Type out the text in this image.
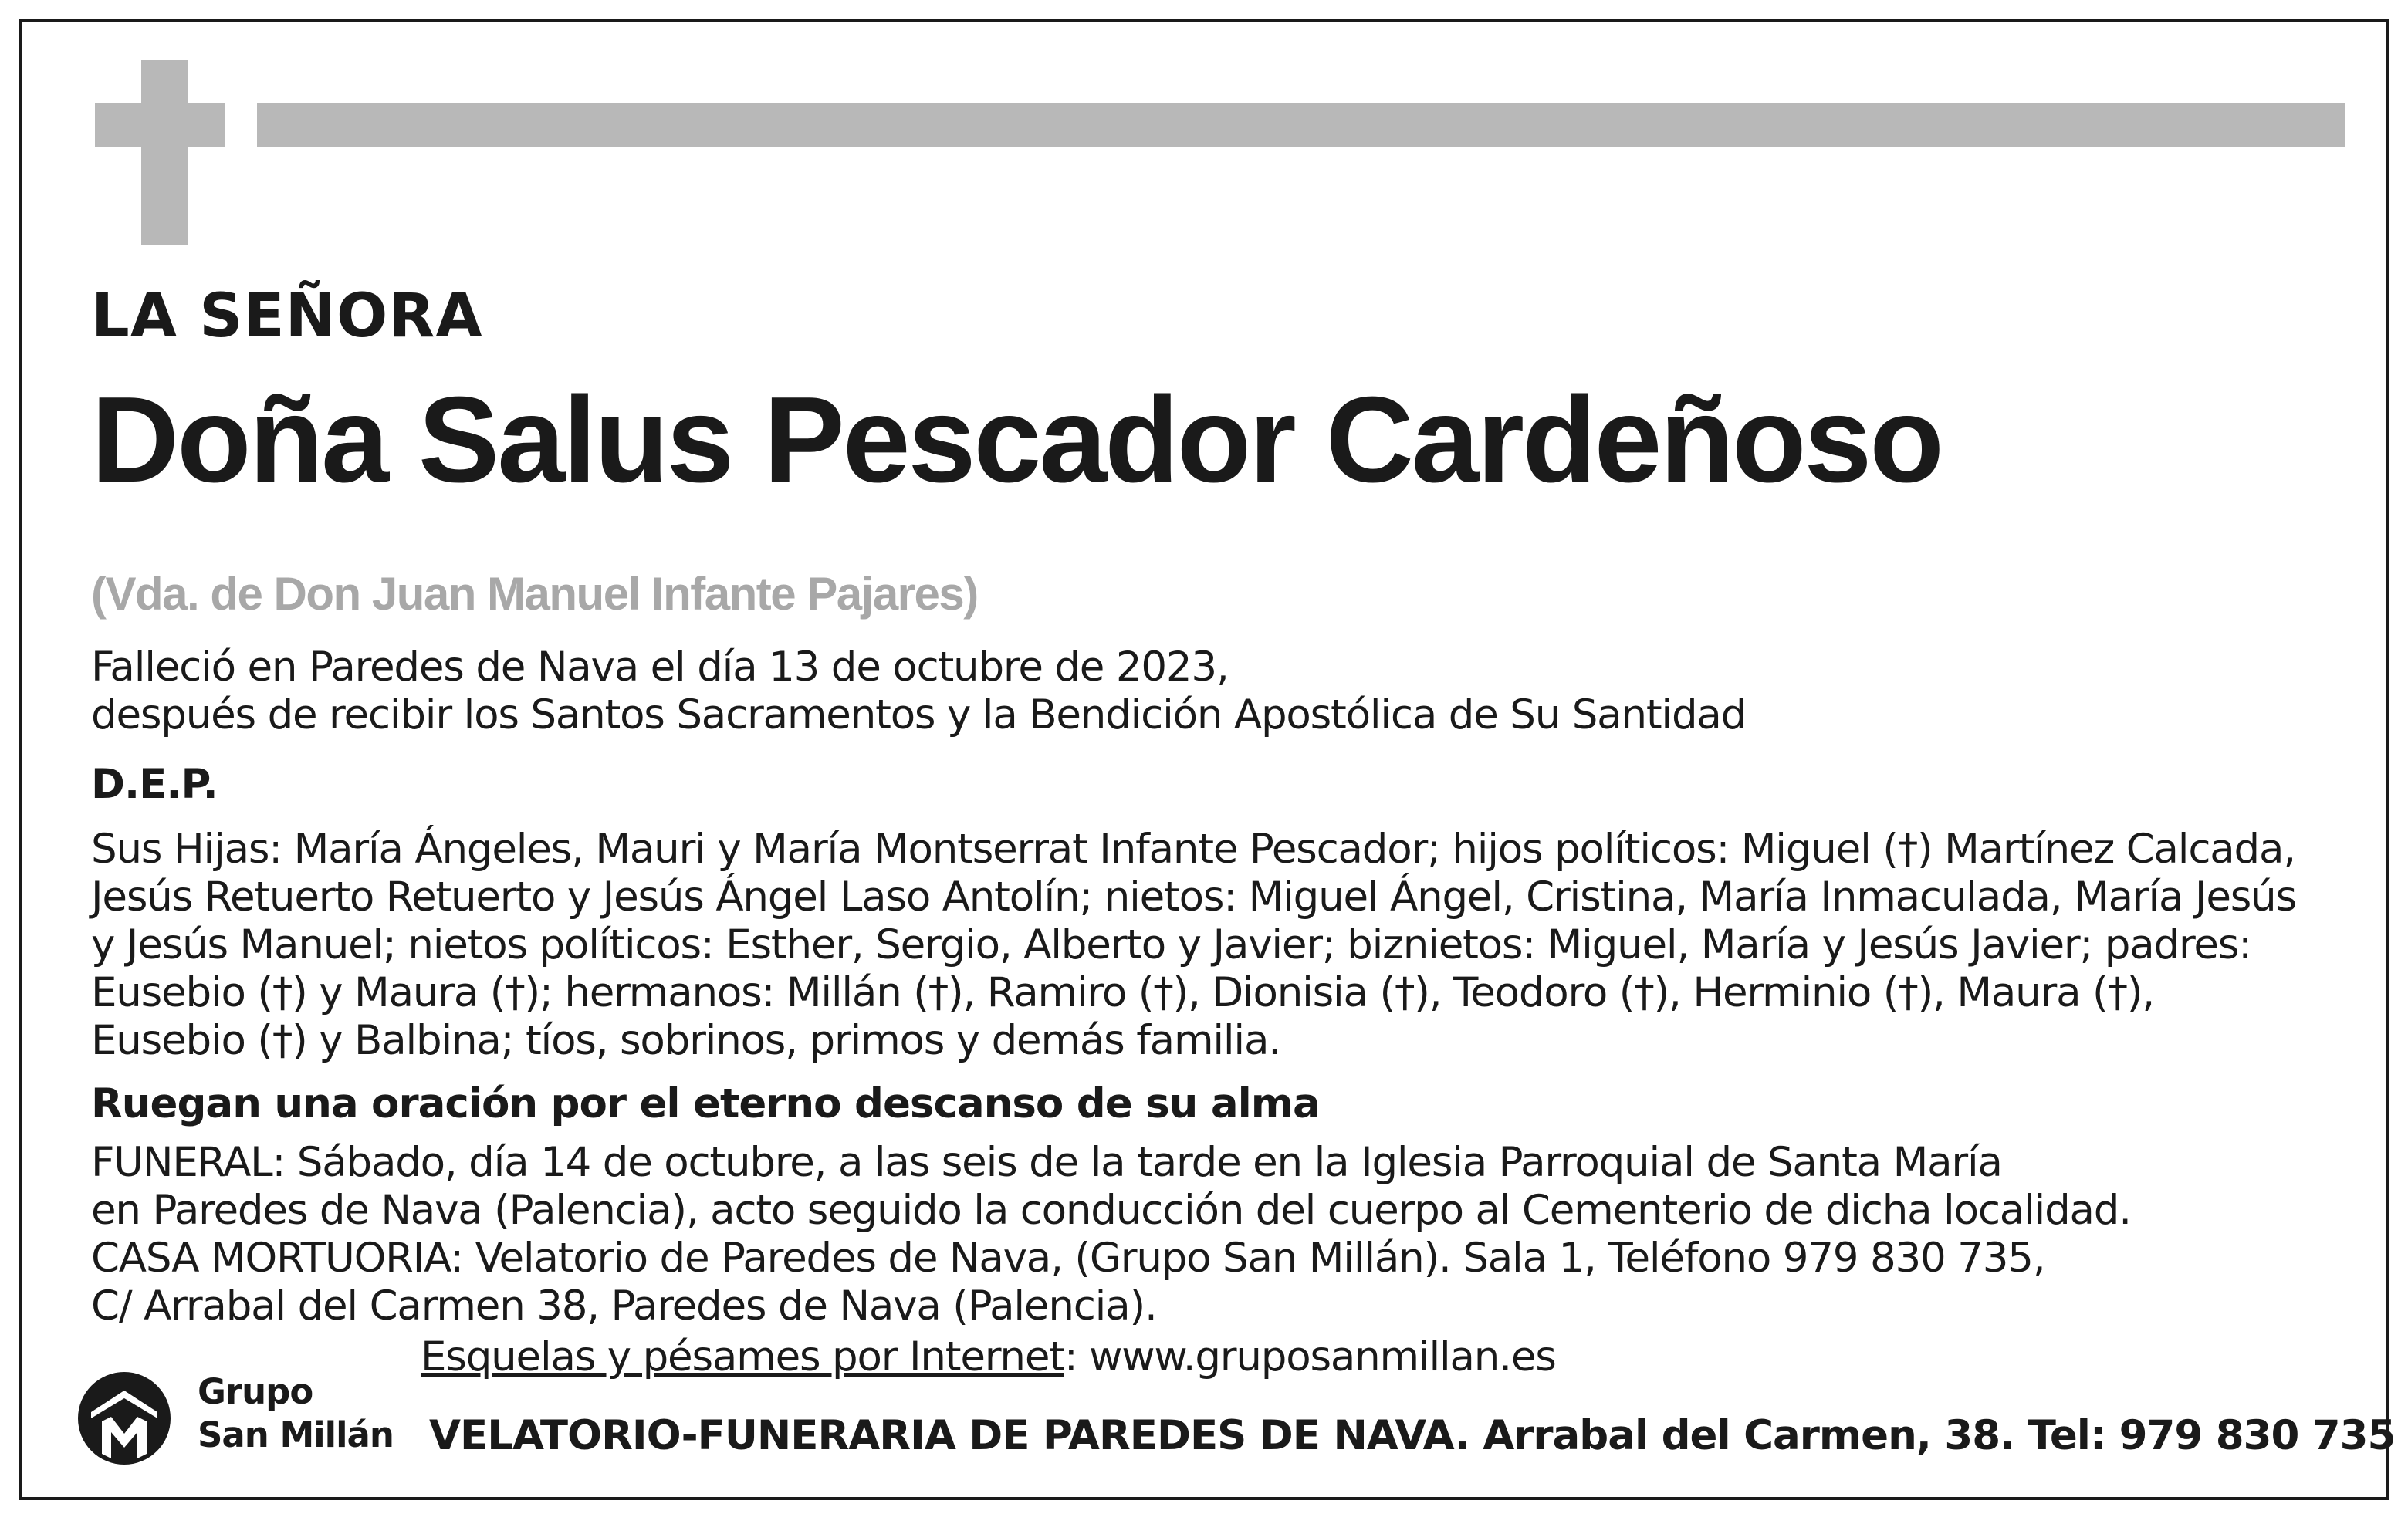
LA SEÑORA
Doña Salus Pescador Cardeñoso
(Vda. de Don Juan Manuel Infante Pajares)
Falleció en Paredes de Nava el día 13 de octubre de 2023,
después de recibir los Santos Sacramentos y la Bendición Apostólica de Su Santidad
D.E.P.
Sus Hijas: María Ángeles, Mauri y María Montserrat Infante Pescador; hijos políticos: Miguel (†) Martínez Calcada,
Jesús Retuerto Retuerto y Jesús Ángel Laso Antolín; nietos: Miguel Ángel, Cristina, María Inmaculada, María Jesús
y Jesús Manuel; nietos políticos: Esther, Sergio, Alberto y Javier; biznietos: Miguel, María y Jesús Javier; padres:
Eusebio (†) y Maura (†); hermanos: Millán (†), Ramiro (†), Dionisia (†), Teodoro (†), Herminio (†), Maura (†),
Eusebio (†) y Balbina; tíos, sobrinos, primos y demás familia.
Ruegan una oración por el eterno descanso de su alma
FUNERAL: Sábado, día 14 de octubre, a las seis de la tarde en la Iglesia Parroquial de Santa María
en Paredes de Nava (Palencia), acto seguido la conducción del cuerpo al Cementerio de dicha localidad.
CASA MORTUORIA: Velatorio de Paredes de Nava, (Grupo San Millán). Sala 1, Teléfono 979 830 735,
C/ Arrabal del Carmen 38, Paredes de Nava (Palencia).
Esquelas y pésames por Internet: www.gruposanmillan.es
Grupo
San Millán VELATORIO-FUNERARIA DE PAREDES DE NAVA. Arrabal del Carmen, 38. Tel: 979 830 735
